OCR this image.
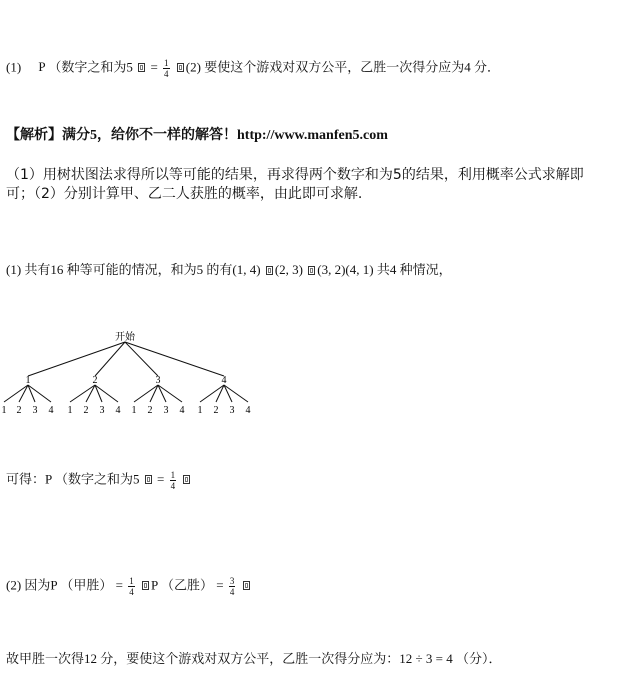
(1) P （数字之和为$5 = \frac{1}{4} (2)$ 要使这个游戏对双方公平，乙胜一次得分应为4 分．
【解析】满分5，给你不一样的解答！http://www.manfen5.com
（1）用树状图法求得所以等可能的结果，再求得两个数字和为5的结果，利用概率公式求解即
可；（2）分别计算甲、乙二人获胜的概率，由此即可求解.
(1) 共有16 种等可能的情况，和为5 的有(1, 4) (2, 3) (3, 2)(4, 1) 共4 种情况，
开始
1	2	3	4
1 2 3 4 1 2 3 4 1 2 3 4 1 2 3 4
可得：P （数字之和为$5 = \frac{1}{4}$

(2) 因为P （甲胜） = $\frac{1}{4}$ P （乙胜） = $\frac{3}{4}$

故甲胜一次得12 分，要使这个游戏对双方公平，乙胜一次得分应为：12 ÷ 3 = 4 （分）．
